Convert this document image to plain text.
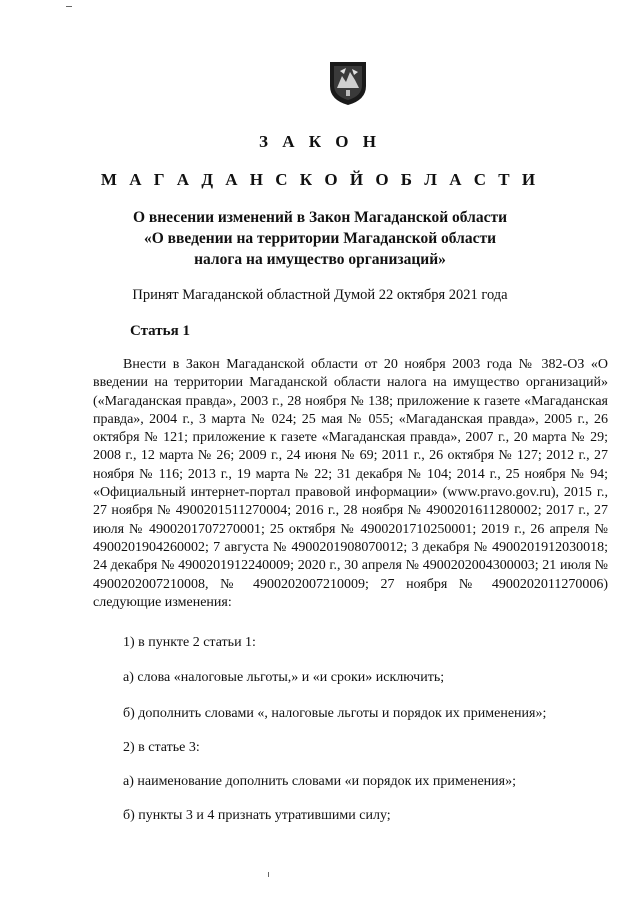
З А К О Н
М А Г А Д А Н С К О Й О Б Л А С Т И
О внесении изменений в Закон Магаданской области
«О введении на территории Магаданской области
налога на имущество организаций»
Принят Магаданской областной Думой 22 октября 2021 года
Статья 1

Внести в Закон Магаданской области от 20 ноября 2003 года № 382-ОЗ «О введении на территории Магаданской области налога на имущество организаций» («Магаданская правда», 2003 г., 28 ноября № 138; приложение к газете «Магаданская правда», 2004 г., 3 марта № 024; 25 мая № 055; «Магаданская правда», 2005 г., 26 октября № 121; приложение к газете «Магаданская правда», 2007 г., 20 марта № 29; 2008 г., 12 марта № 26; 2009 г., 24 июня № 69; 2011 г., 26 октября № 127; 2012 г., 27 ноября № 116; 2013 г., 19 марта № 22; 31 декабря № 104; 2014 г., 25 ноября № 94; «Официальный интернет-портал правовой информации» (www.pravo.gov.ru), 2015 г., 27 ноября № 4900201511270004; 2016 г., 28 ноября № 4900201611280002; 2017 г., 27 июля № 4900201707270001; 25 октября № 4900201710250001; 2019 г., 26 апреля № 4900201904260002; 7 августа № 4900201908070012; 3 декабря № 4900201912030018; 24 декабря № 4900201912240009; 2020 г., 30 апреля № 4900202004300003; 21 июля № 4900202007210008, № 4900202007210009; 27 ноября № 4900202011270006) следующие изменения:

1) в пункте 2 статьи 1:
а) слова «налоговые льготы,» и «и сроки» исключить;
б) дополнить словами «, налоговые льготы и порядок их применения»;
2) в статье 3:
а) наименование дополнить словами «и порядок их применения»;
б) пункты 3 и 4 признать утратившими силу;
